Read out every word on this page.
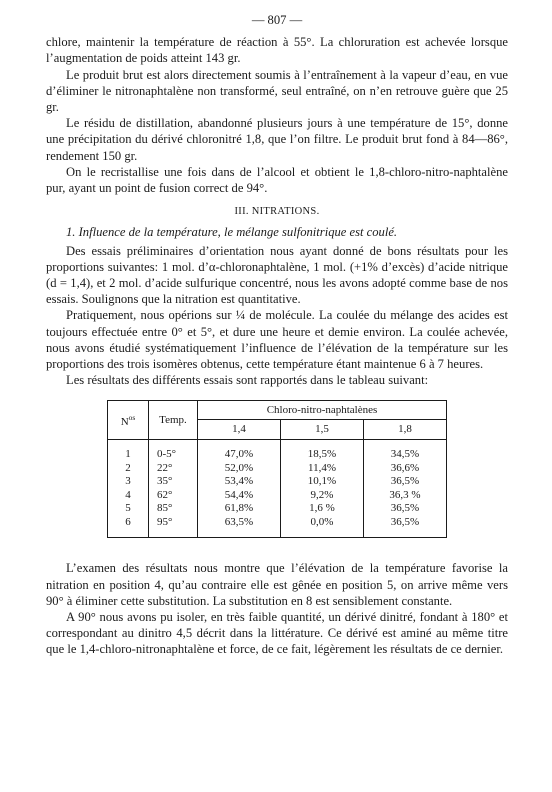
— 807 —

chlore, maintenir la température de réaction à 55°. La chloruration est achevée lorsque l’augmentation de poids atteint 143 gr.

Le produit brut est alors directement soumis à l’entraînement à la vapeur d’eau, en vue d’éliminer le nitronaphtalène non transformé, seul entraîné, on n’en retrouve guère que 25 gr.

Le résidu de distillation, abandonné plusieurs jours à une température de 15°, donne une précipitation du dérivé chloronitré 1,8, que l’on filtre. Le produit brut fond à 84—86°, rendement 150 gr.

On le recristallise une fois dans de l’alcool et obtient le 1,8-chloro-nitro-naphtalène pur, ayant un point de fusion correct de 94°.

III. NITRATIONS.

1. Influence de la température, le mélange sulfonitrique est coulé.

Des essais préliminaires d’orientation nous ayant donné de bons résultats pour les proportions suivantes: 1 mol. d’α-chloronaphtalène, 1 mol. (+1% d’excès) d’acide nitrique (d = 1,4), et 2 mol. d’acide sulfurique concentré, nous les avons adopté comme base de nos essais. Soulignons que la nitration est quantitative.

Pratiquement, nous opérions sur ¼ de molécule. La coulée du mélange des acides est toujours effectuée entre 0° et 5°, et dure une heure et demie environ. La coulée achevée, nous avons étudié systématiquement l’influence de l’élévation de la température sur les proportions des trois isomères obtenus, cette température étant maintenue 6 à 7 heures.

Les résultats des différents essais sont rapportés dans le tableau suivant:

$N^{os}$	Temp.	Chloro-nitro-naphtalènes		
		1,4	1,5	1,8
1	0-5°	47,0%	18,5%	34,5%
2	22°	52,0%	11,4%	36,6%
3	35°	53,4%	10,1%	36,5%
4	62°	54,4%	9,2%	36,3 %
5	85°	61,8%	1,6 %	36,5%
6	95°	63,5%	0,0%	36,5%

L’examen des résultats nous montre que l’élévation de la température favorise la nitration en position 4, qu’au contraire elle est gênée en position 5, on arrive même vers 90° à éliminer cette substitution. La substitution en 8 est sensiblement constante.

A 90° nous avons pu isoler, en très faible quantité, un dérivé dinitré, fondant à 180° et correspondant au dinitro 4,5 décrit dans la littérature. Ce dérivé est aminé au même titre que le 1,4-chloro-nitronaphtalène et force, de ce fait, légèrement les résultats de ce dernier.
